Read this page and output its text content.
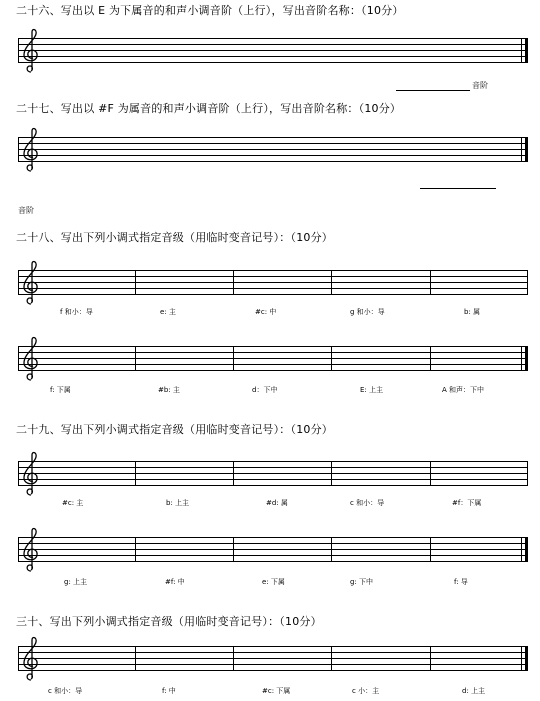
二十六、写出以 E 为下属音的和声小调音阶（上行），写出音阶名称：（10分）
音阶
二十七、写出以 #F 为属音的和声小调音阶（上行），写出音阶名称：（10分）
音阶
二十八、写出下列小调式指定音级（用临时变音记号）：（10分）
f 和小：导	e: 主	#c: 中	g 和小：导	b: 属
f: 下属	#b: 主	d：下中	E: 上主	A 和声：下中
二十九、写出下列小调式指定音级（用临时变音记号）：（10分）
#c: 主	b: 上主	#d: 属	c 和小：导	#f：下属
g: 上主	#f: 中	e: 下属	g: 下中	f: 导
三十、写出下列小调式指定音级（用临时变音记号）：（10分）
c 和小：导	f: 中	#c: 下属	c 小：主	d: 上主
